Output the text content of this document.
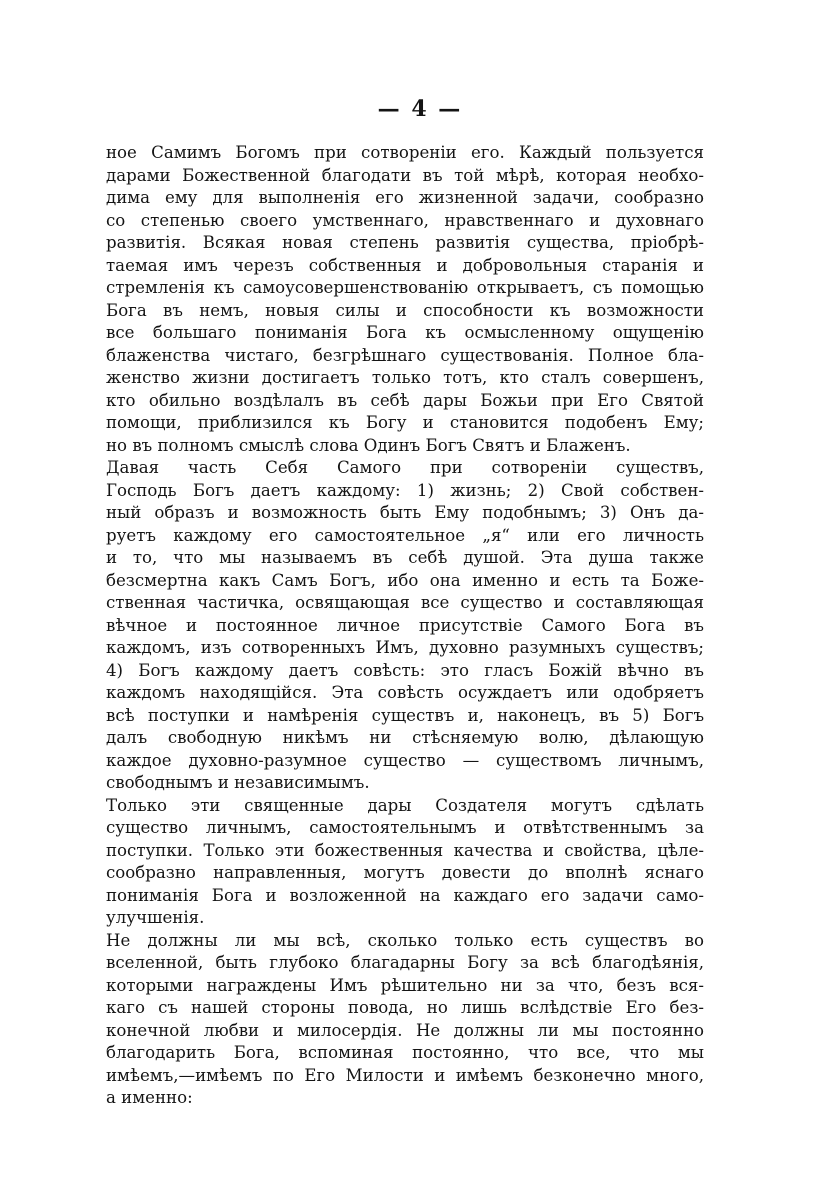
— 4 —
ное Самимъ Богомъ при сотвореніи его. Каждый пользуется
дарами Божественной благодати въ той мѣрѣ, которая необхо-
дима ему для выполненія его жизненной задачи, сообразно
со степенью своего умственнаго, нравственнаго и духовнаго
развитія. Всякая новая степень развитія существа, пріобрѣ-
таемая имъ черезъ собственныя и добровольныя старанія и
стремленія къ самоусовершенствованію открываетъ, съ помощью
Бога въ немъ, новыя силы и способности къ возможности
все большаго пониманія Бога къ осмысленному ощущенію
блаженства чистаго, безгрѣшнаго существованія. Полное бла-
женство жизни достигаетъ только тотъ, кто сталъ совершенъ,
кто обильно воздѣлалъ въ себѣ дары Божьи при Его Святой
помощи, приблизился къ Богу и становится подобенъ Ему;
но въ полномъ смыслѣ слова Одинъ Богъ Святъ и Блаженъ.
Давая часть Себя Самого при сотвореніи существъ,
Господь Богъ даетъ каждому: 1) жизнь; 2) Свой собствен-
ный образъ и возможность быть Ему подобнымъ; 3) Онъ да-
руетъ каждому его самостоятельное „я“ или его личность
и то, что мы называемъ въ себѣ душой. Эта душа также
безсмертна какъ Самъ Богъ, ибо она именно и есть та Боже-
ственная частичка, освящающая все существо и составляющая
вѣчное и постоянное личное присутствіе Самого Бога въ
каждомъ, изъ сотворенныхъ Имъ, духовно разумныхъ существъ;
4) Богъ каждому даетъ совѣсть: это гласъ Божій вѣчно въ
каждомъ находящійся. Эта совѣсть осуждаетъ или одобряетъ
всѣ поступки и намѣренія существъ и, наконецъ, въ 5) Богъ
далъ свободную никѣмъ ни стѣсняемую волю, дѣлающую
каждое духовно-разумное существо — существомъ личнымъ,
свободнымъ и независимымъ.
Только эти священные дары Создателя могутъ сдѣлать
существо личнымъ, самостоятельнымъ и отвѣтственнымъ за
поступки. Только эти божественныя качества и свойства, цѣле-
сообразно направленныя, могутъ довести до вполнѣ яснаго
пониманія Бога и возложенной на каждаго его задачи само-
улучшенія.
Не должны ли мы всѣ, сколько только есть существъ во
вселенной, быть глубоко благадарны Богу за всѣ благодѣянія,
которыми награждены Имъ рѣшительно ни за что, безъ вся-
каго съ нашей стороны повода, но лишь вслѣдствіе Его без-
конечной любви и милосердія. Не должны ли мы постоянно
благодарить Бога, вспоминая постоянно, что все, что мы
имѣемъ,—имѣемъ по Его Милости и имѣемъ безконечно много,
а именно:
